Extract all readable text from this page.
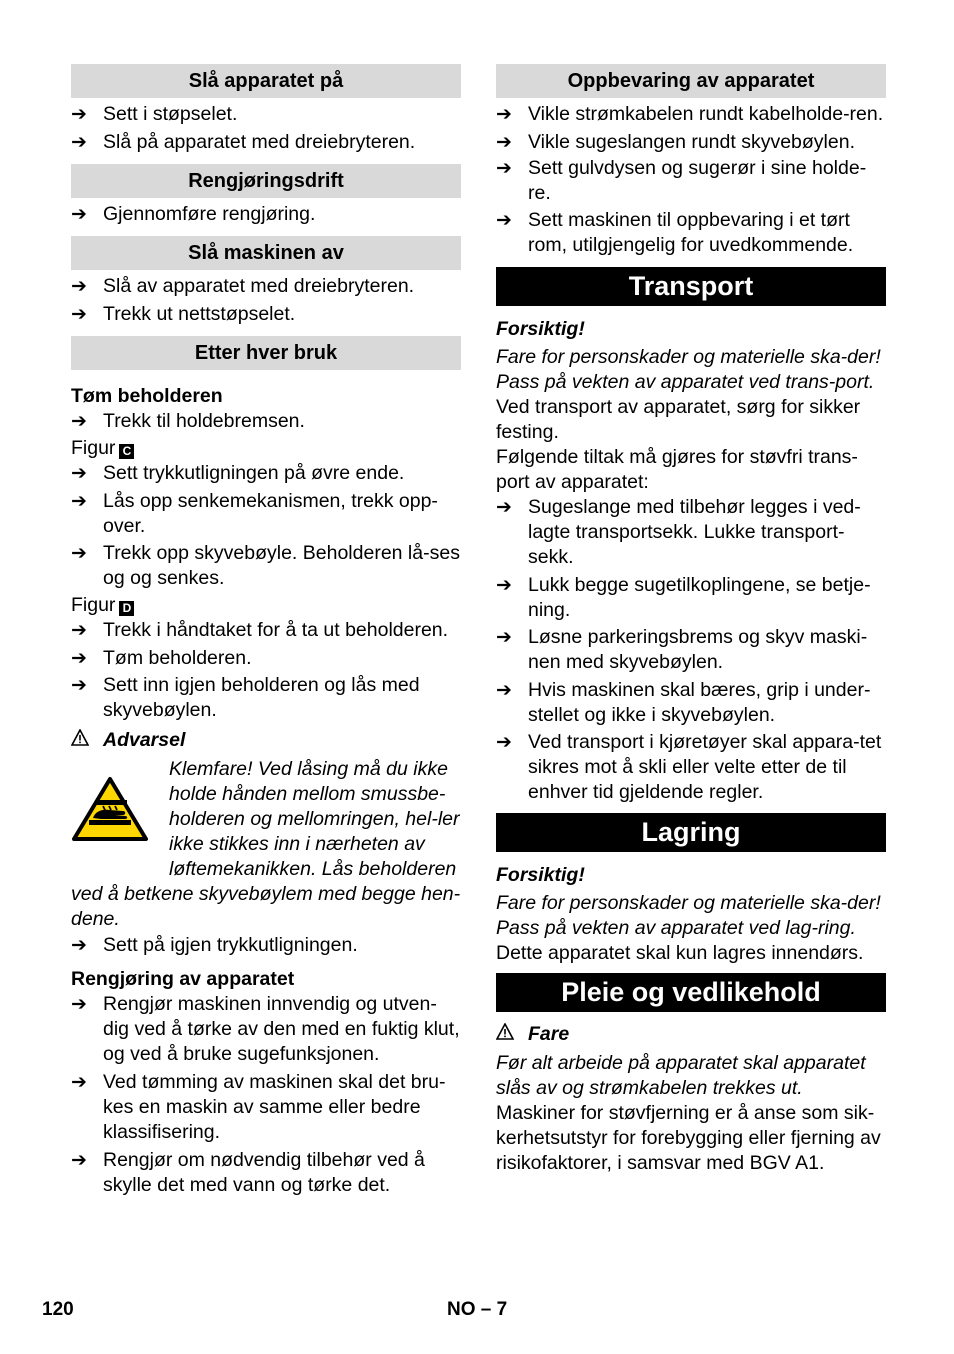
Slå apparatet på
➔ Sett i støpselet.
➔ Slå på apparatet med dreiebryteren.
Rengjøringsdrift
➔ Gjennomføre rengjøring.
Slå maskinen av
➔ Slå av apparatet med dreiebryteren.
➔ Trekk ut nettstøpselet.
Etter hver bruk
Tøm beholderen
➔ Trekk til holdebremsen.
Figur C
➔ Sett trykkutligningen på øvre ende.
➔ Lås opp senkemekanismen, trekk opp-over.
➔ Trekk opp skyvebøyle. Beholderen lå-ses og og senkes.
Figur D
➔ Trekk i håndtaket for å ta ut beholderen.
➔ Tøm beholderen.
➔ Sett inn igjen beholderen og lås med skyvebøylen.
Advarsel
Klemfare! Ved låsing må du ikke holde hånden mellom smussbe-holderen og mellomringen, hel-ler ikke stikkes inn i nærheten av løftemekanikken. Lås beholderen ved å betkene skyvebøylem med begge hen-dene.
➔ Sett på igjen trykkutligningen.
Rengjøring av apparatet
➔ Rengjør maskinen innvendig og utven-dig ved å tørke av den med en fuktig klut, og ved å bruke sugefunksjonen.
➔ Ved tømming av maskinen skal det bru-kes en maskin av samme eller bedre klassifisering.
➔ Rengjør om nødvendig tilbehør ved å skylle det med vann og tørke det.
Oppbevaring av apparatet
➔ Vikle strømkabelen rundt kabelholde-ren.
➔ Vikle sugeslangen rundt skyvebøylen.
➔ Sett gulvdysen og sugerør i sine holde-re.
➔ Sett maskinen til oppbevaring i et tørt rom, utilgjengelig for uvedkommende.
Transport
Forsiktig!
Fare for personskader og materielle ska-der! Pass på vekten av apparatet ved trans-port.
Ved transport av apparatet, sørg for sikker festing.
Følgende tiltak må gjøres for støvfri trans-port av apparatet:
➔ Sugeslange med tilbehør legges i ved-lagte transportsekk. Lukke transport-sekk.
➔ Lukk begge sugetilkoplingene, se betje-ning.
➔ Løsne parkeringsbrems og skyv maski-nen med skyvebøylen.
➔ Hvis maskinen skal bæres, grip i under-stellet og ikke i skyvebøylen.
➔ Ved transport i kjøretøyer skal appara-tet sikres mot å skli eller velte etter de til enhver tid gjeldende regler.
Lagring
Forsiktig!
Fare for personskader og materielle ska-der! Pass på vekten av apparatet ved lag-ring.
Dette apparatet skal kun lagres innendørs.
Pleie og vedlikehold
Fare
Før alt arbeide på apparatet skal apparatet slås av og strømkabelen trekkes ut.
Maskiner for støvfjerning er å anse som sik-kerhetsutstyr for forebygging eller fjerning av risikofaktorer, i samsvar med BGV A1.
120	NO – 7
